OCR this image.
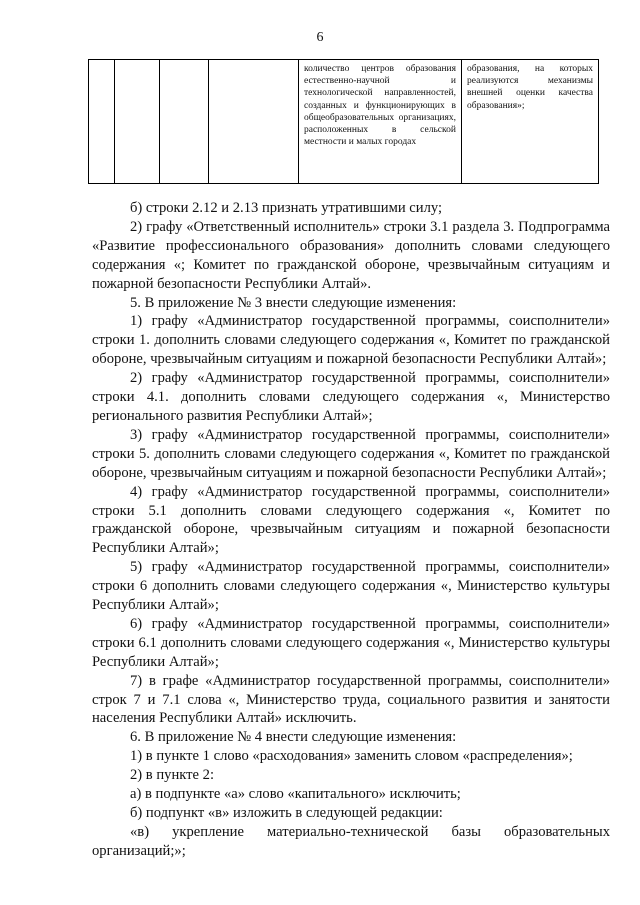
6
				количество центров образования естественно-научной и технологической направленностей, созданных и функционирующих в общеобразовательных организациях, расположенных в сельской местности и малых городах	образования, на которых реализуются механизмы внешней оценки качества образования»;

б) строки 2.12 и 2.13 признать утратившими силу;

2) графу «Ответственный исполнитель» строки 3.1 раздела 3. Подпрограмма «Развитие профессионального образования» дополнить словами следующего содержания «; Комитет по гражданской обороне, чрезвычайным ситуациям и пожарной безопасности Республики Алтай».

5. В приложение № 3 внести следующие изменения:

1) графу «Администратор государственной программы, соисполнители» строки 1. дополнить словами следующего содержания «, Комитет по гражданской обороне, чрезвычайным ситуациям и пожарной безопасности Республики Алтай»;

2) графу «Администратор государственной программы, соисполнители» строки 4.1. дополнить словами следующего содержания «, Министерство регионального развития Республики Алтай»;

3) графу «Администратор государственной программы, соисполнители» строки 5. дополнить словами следующего содержания «, Комитет по гражданской обороне, чрезвычайным ситуациям и пожарной безопасности Республики Алтай»;

4) графу «Администратор государственной программы, соисполнители» строки 5.1 дополнить словами следующего содержания «, Комитет по гражданской обороне, чрезвычайным ситуациям и пожарной безопасности Республики Алтай»;

5) графу «Администратор государственной программы, соисполнители» строки 6 дополнить словами следующего содержания «, Министерство культуры Республики Алтай»;

6) графу «Администратор государственной программы, соисполнители» строки 6.1 дополнить словами следующего содержания «, Министерство культуры Республики Алтай»;

7) в графе «Администратор государственной программы, соисполнители» строк 7 и 7.1 слова «, Министерство труда, социального развития и занятости населения Республики Алтай» исключить.

6. В приложение № 4 внести следующие изменения:

1) в пункте 1 слово «расходования» заменить словом «распределения»;

2) в пункте 2:

а) в подпункте «а» слово «капитального» исключить;

б) подпункт «в» изложить в следующей редакции:

«в) укрепление материально-технической базы образовательных организаций;»;
